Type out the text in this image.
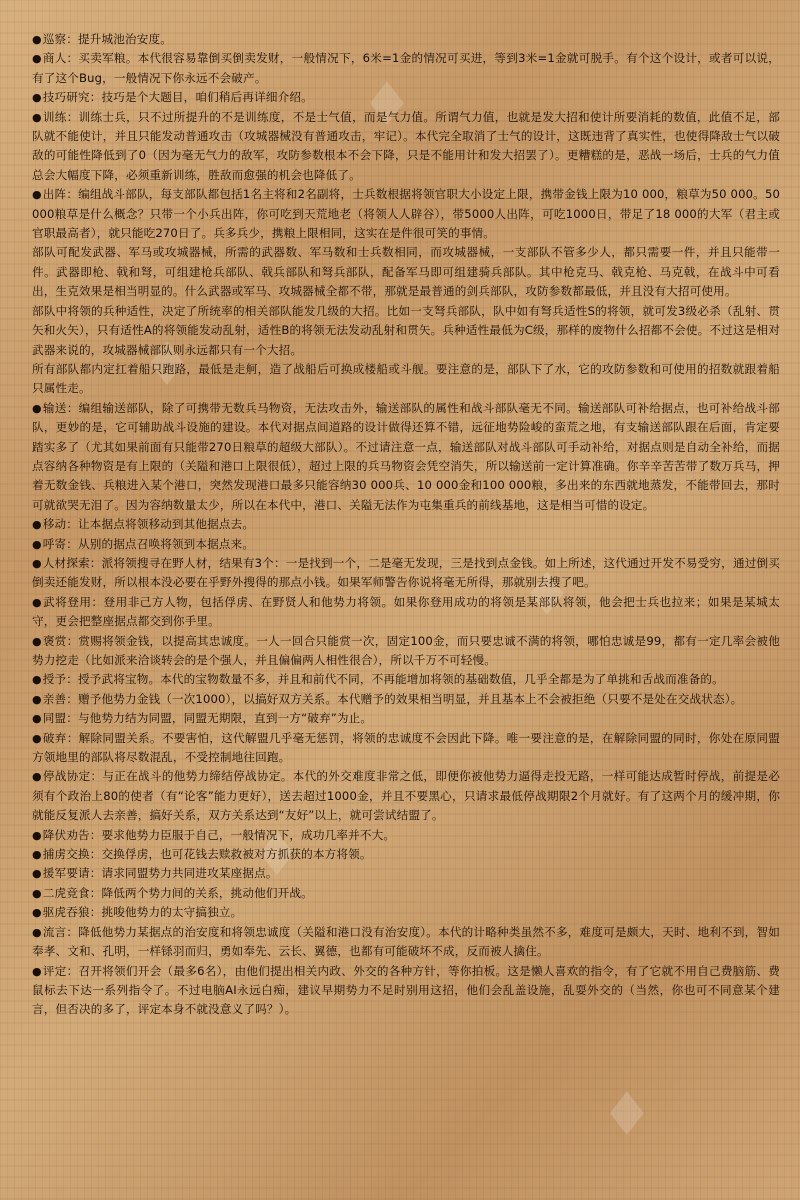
♦
♦
♦
♦
♦
●巡察：提升城池治安度。
●商人：买卖军粮。本代很容易靠倒买倒卖发财，一般情况下，6米=1金的情况可买进，等到3米=1金就可脱手。有个这个设计，或者可以说，有了这个Bug，一般情况下你永远不会破产。
●技巧研究：技巧是个大题目，咱们稍后再详细介绍。
●训练：训练士兵，只不过所提升的不是训练度，不是士气值，而是气力值。所谓气力值，也就是发大招和使计所要消耗的数值，此值不足，部队就不能使计，并且只能发动普通攻击（攻城器械没有普通攻击，牢记）。本代完全取消了士气的设计，这既违背了真实性，也使得降敌士气以破敌的可能性降低到了0（因为毫无气力的敌军，攻防参数根本不会下降，只是不能用计和发大招罢了）。更糟糕的是，恶战一场后，士兵的气力值总会大幅度下降，必须重新训练，胜敌而愈强的机会也降低了。
●出阵：编组战斗部队，每支部队都包括1名主将和2名副将，士兵数根据将领官职大小设定上限，携带金钱上限为10 000，粮草为50 000。50 000粮草是什么概念？只带一个小兵出阵，你可吃到天荒地老（将领人人辟谷），带5000人出阵，可吃1000日，带足了18 000的大军（君主或官职最高者），就只能吃270日了。兵多兵少，携粮上限相同，这实在是件很可笑的事情。
部队可配发武器、军马或攻城器械，所需的武器数、军马数和士兵数相同，而攻城器械，一支部队不管多少人，都只需要一件，并且只能带一件。武器即枪、戟和弩，可组建枪兵部队、戟兵部队和弩兵部队，配备军马即可组建骑兵部队。其中枪克马、戟克枪、马克戟，在战斗中可看出，生克效果是相当明显的。什么武器或军马、攻城器械全都不带，那就是最普通的剑兵部队，攻防参数都最低，并且没有大招可使用。
部队中将领的兵种适性，决定了所统率的相关部队能发几级的大招。比如一支弩兵部队，队中如有弩兵适性S的将领，就可发3级必杀（乱射、贯矢和火矢），只有适性A的将领能发动乱射，适性B的将领无法发动乱射和贯矢。兵种适性最低为C级，那样的废物什么招都不会使。不过这是相对武器来说的，攻城器械部队则永远都只有一个大招。
所有部队都内定扛着船只跑路，最低是走舸，造了战船后可换成楼船或斗舰。要注意的是，部队下了水，它的攻防参数和可使用的招数就跟着船只属性走。
●输送：编组输送部队，除了可携带无数兵马物资，无法攻击外，输送部队的属性和战斗部队毫无不同。输送部队可补给据点，也可补给战斗部队，更妙的是，它可辅助战斗设施的建设。本代对据点间道路的设计做得还算不错，远征地势险峻的蛮荒之地，有支输送部队跟在后面，肯定要踏实多了（尤其如果前面有只能带270日粮草的超级大部队）。不过请注意一点，输送部队对战斗部队可手动补给，对据点则是自动全补给，而据点容纳各种物资是有上限的（关隘和港口上限很低），超过上限的兵马物资会凭空消失，所以输送前一定计算准确。你辛辛苦苦带了数万兵马，押着无数金钱、兵粮进入某个港口，突然发现港口最多只能容纳30 000兵、10 000金和100 000粮，多出来的东西就地蒸发，不能带回去，那时可就欲哭无泪了。因为容纳数量太少，所以在本代中，港口、关隘无法作为屯集重兵的前线基地，这是相当可惜的设定。
●移动：让本据点将领移动到其他据点去。
●呼寄：从别的据点召唤将领到本据点来。
●人材探索：派将领搜寻在野人材，结果有3个：一是找到一个，二是毫无发现，三是找到点金钱。如上所述，这代通过开发不易受穷，通过倒买倒卖还能发财，所以根本没必要在乎野外搜得的那点小钱。如果军师警告你说将毫无所得，那就别去搜了吧。
●武将登用：登用非己方人物，包括俘虏、在野贤人和他势力将领。如果你登用成功的将领是某部队将领，他会把士兵也拉来；如果是某城太守，更会把整座据点都交到你手里。
●褒赏：赏赐将领金钱，以提高其忠诚度。一人一回合只能赏一次，固定100金，而只要忠诚不满的将领，哪怕忠诚是99，都有一定几率会被他势力挖走（比如派来洽谈转会的是个强人，并且偏偏两人相性很合），所以千万不可轻慢。
●授予：授予武将宝物。本代的宝物数量不多，并且和前代不同，不再能增加将领的基础数值，几乎全都是为了单挑和舌战而准备的。
●亲善：赠予他势力金钱（一次1000），以搞好双方关系。本代赠予的效果相当明显，并且基本上不会被拒绝（只要不是处在交战状态）。
●同盟：与他势力结为同盟，同盟无期限，直到一方“破弃”为止。
●破弃：解除同盟关系。不要害怕，这代解盟几乎毫无惩罚，将领的忠诚度不会因此下降。唯一要注意的是，在解除同盟的同时，你处在原同盟方领地里的部队将尽数混乱，不受控制地往回跑。
●停战协定：与正在战斗的他势力缔结停战协定。本代的外交难度非常之低，即便你被他势力逼得走投无路，一样可能达成暂时停战，前提是必须有个政治上80的使者（有“论客”能力更好），送去超过1000金，并且不要黑心，只请求最低停战期限2个月就好。有了这两个月的缓冲期，你就能反复派人去亲善，搞好关系，双方关系达到“友好”以上，就可尝试结盟了。
●降伏劝告：要求他势力臣服于自己，一般情况下，成功几率并不大。
●捕虏交换：交换俘虏，也可花钱去赎救被对方抓获的本方将领。
●援军要请：请求同盟势力共同进攻某座据点。
●二虎竞食：降低两个势力间的关系，挑动他们开战。
●驱虎吞狼：挑唆他势力的太守搞独立。
●流言：降低他势力某据点的治安度和将领忠诚度（关隘和港口没有治安度）。本代的计略种类虽然不多，难度可是颇大，天时、地利不到，智如奉孝、文和、孔明，一样铩羽而归，勇如奉先、云长、翼德，也都有可能破坏不成，反而被人擒住。
●评定：召开将领们开会（最多6名），由他们提出相关内政、外交的各种方针，等你拍板。这是懒人喜欢的指令，有了它就不用自己费脑筋、费鼠标去下达一系列指令了。不过电脑AI永远白痴，建议早期势力不足时别用这招，他们会乱盖设施，乱耍外交的（当然，你也可不同意某个建言，但否决的多了，评定本身不就没意义了吗？）。
